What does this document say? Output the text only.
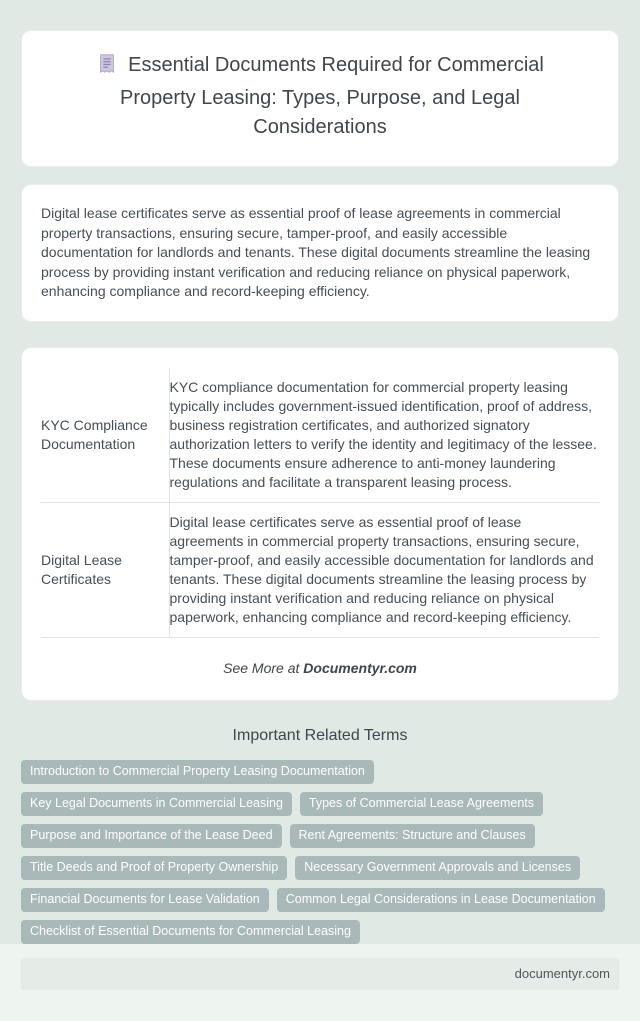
Essential Documents Required for Commercial Property Leasing: Types, Purpose, and Legal Considerations

Digital lease certificates serve as essential proof of lease agreements in commercial property transactions, ensuring secure, tamper-proof, and easily accessible documentation for landlords and tenants. These digital documents streamline the leasing process by providing instant verification and reducing reliance on physical paperwork, enhancing compliance and record-keeping efficiency.

KYC Compliance Documentation	KYC compliance documentation for commercial property leasing typically includes government-issued identification, proof of address, business registration certificates, and authorized signatory authorization letters to verify the identity and legitimacy of the lessee. These documents ensure adherence to anti-money laundering regulations and facilitate a transparent leasing process.
Digital Lease Certificates	Digital lease certificates serve as essential proof of lease agreements in commercial property transactions, ensuring secure, tamper-proof, and easily accessible documentation for landlords and tenants. These digital documents streamline the leasing process by providing instant verification and reducing reliance on physical paperwork, enhancing compliance and record-keeping efficiency.

See More at Documentyr.com

Important Related Terms
Introduction to Commercial Property Leasing Documentation
Key Legal Documents in Commercial Leasing	Types of Commercial Lease Agreements
Purpose and Importance of the Lease Deed	Rent Agreements: Structure and Clauses
Title Deeds and Proof of Property Ownership	Necessary Government Approvals and Licenses
Financial Documents for Lease Validation	Common Legal Considerations in Lease Documentation
Checklist of Essential Documents for Commercial Leasing
documentyr.com
